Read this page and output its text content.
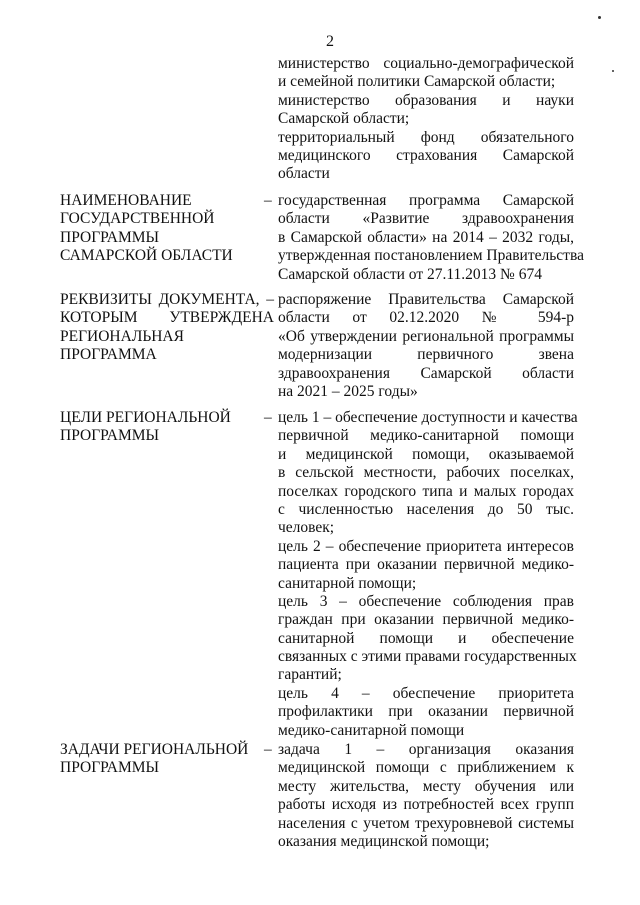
2
министерство социально-демографической
и семейной политики Самарской области;
министерство образования и науки
Самарской области;
территориальный фонд обязательного
медицинского страхования Самарской
области
НАИМЕНОВАНИЕ
ГОСУДАРСТВЕННОЙ
ПРОГРАММЫ
САМАРСКОЙ ОБЛАСТИ
– государственная программа Самарской
области «Развитие здравоохранения
в Самарской области» на 2014 – 2032 годы,
утвержденная постановлением Правительства
Самарской области от 27.11.2013 № 674
РЕКВИЗИТЫ ДОКУМЕНТА, –
КОТОРЫМ УТВЕРЖДЕНА
РЕГИОНАЛЬНАЯ
ПРОГРАММА
распоряжение Правительства Самарской
области от 02.12.2020 № 594-р
«Об утверждении региональной программы
модернизации первичного звена
здравоохранения Самарской области
на 2021 – 2025 годы»
ЦЕЛИ РЕГИОНАЛЬНОЙ
ПРОГРАММЫ
– цель 1 – обеспечение доступности и качества
первичной медико-санитарной помощи
и медицинской помощи, оказываемой
в сельской местности, рабочих поселках,
поселках городского типа и малых городах
с численностью населения до 50 тыс.
человек;
цель 2 – обеспечение приоритета интересов
пациента при оказании первичной медико-
санитарной помощи;
цель 3 – обеспечение соблюдения прав
граждан при оказании первичной медико-
санитарной помощи и обеспечение
связанных с этими правами государственных
гарантий;
цель 4 – обеспечение приоритета
профилактики при оказании первичной
медико-санитарной помощи
ЗАДАЧИ РЕГИОНАЛЬНОЙ
ПРОГРАММЫ
– задача 1 – организация оказания
медицинской помощи с приближением к
месту жительства, месту обучения или
работы исходя из потребностей всех групп
населения с учетом трехуровневой системы
оказания медицинской помощи;
